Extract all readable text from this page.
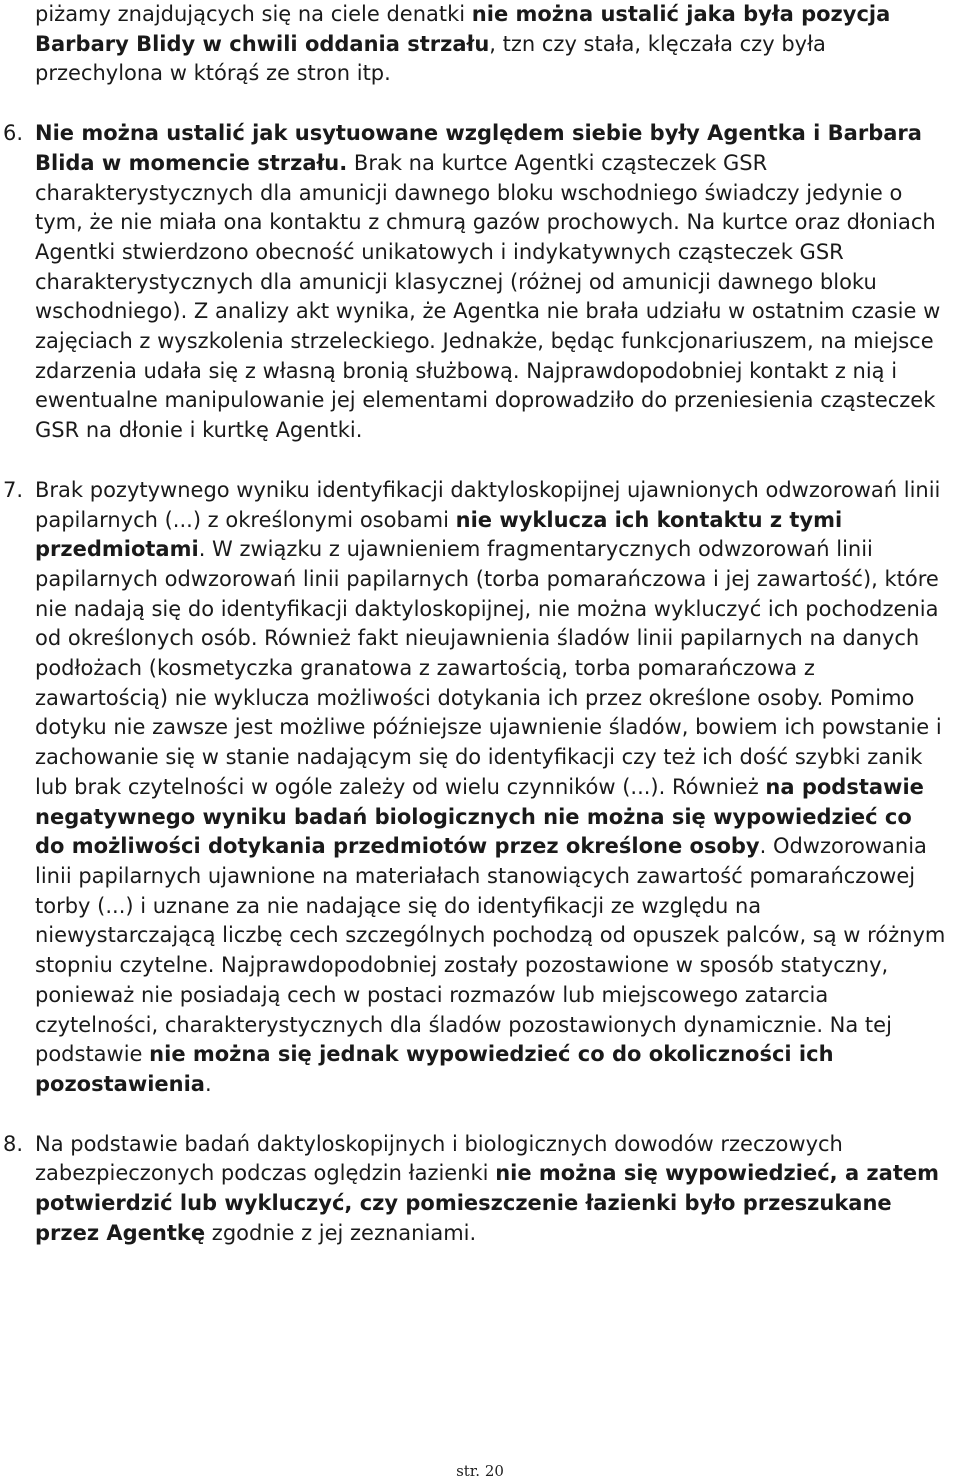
piżamy znajdujących się na ciele denatki nie można ustalić jaka była pozycja Barbary Blidy w chwili oddania strzału, tzn czy stała, klęczała czy była przechylona w którąś ze stron itp.

6. Nie można ustalić jak usytuowane względem siebie były Agentka i Barbara Blida w momencie strzału. Brak na kurtce Agentki cząsteczek GSR charakterystycznych dla amunicji dawnego bloku wschodniego świadczy jedynie o tym, że nie miała ona kontaktu z chmurą gazów prochowych. Na kurtce oraz dłoniach Agentki stwierdzono obecność unikatowych i indykatywnych cząsteczek GSR charakterystycznych dla amunicji klasycznej (różnej od amunicji dawnego bloku wschodniego). Z analizy akt wynika, że Agentka nie brała udziału w ostatnim czasie w zajęciach z wyszkolenia strzeleckiego. Jednakże, będąc funkcjonariuszem, na miejsce zdarzenia udała się z własną bronią służbową. Najprawdopodobniej kontakt z nią i ewentualne manipulowanie jej elementami doprowadziło do przeniesienia cząsteczek GSR na dłonie i kurtkę Agentki.

7. Brak pozytywnego wyniku identyfikacji daktyloskopijnej ujawnionych odwzorowań linii papilarnych (...) z określonymi osobami nie wyklucza ich kontaktu z tymi przedmiotami. W związku z ujawnieniem fragmentarycznych odwzorowań linii papilarnych odwzorowań linii papilarnych (torba pomarańczowa i jej zawartość), które nie nadają się do identyfikacji daktyloskopijnej, nie można wykluczyć ich pochodzenia od określonych osób. Również fakt nieujawnienia śladów linii papilarnych na danych podłożach (kosmetyczka granatowa z zawartością, torba pomarańczowa z zawartością) nie wyklucza możliwości dotykania ich przez określone osoby. Pomimo dotyku nie zawsze jest możliwe późniejsze ujawnienie śladów, bowiem ich powstanie i zachowanie się w stanie nadającym się do identyfikacji czy też ich dość szybki zanik lub brak czytelności w ogóle zależy od wielu czynników (...). Również na podstawie negatywnego wyniku badań biologicznych nie można się wypowiedzieć co do możliwości dotykania przedmiotów przez określone osoby. Odwzorowania linii papilarnych ujawnione na materiałach stanowiących zawartość pomarańczowej torby (...) i uznane za nie nadające się do identyfikacji ze względu na niewystarczającą liczbę cech szczególnych pochodzą od opuszek palców, są w różnym stopniu czytelne. Najprawdopodobniej zostały pozostawione w sposób statyczny, ponieważ nie posiadają cech w postaci rozmazów lub miejscowego zatarcia czytelności, charakterystycznych dla śladów pozostawionych dynamicznie. Na tej podstawie nie można się jednak wypowiedzieć co do okoliczności ich pozostawienia.

8. Na podstawie badań daktyloskopijnych i biologicznych dowodów rzeczowych zabezpieczonych podczas oględzin łazienki nie można się wypowiedzieć, a zatem potwierdzić lub wykluczyć, czy pomieszczenie łazienki było przeszukane przez Agentkę zgodnie z jej zeznaniami.

str. 20
